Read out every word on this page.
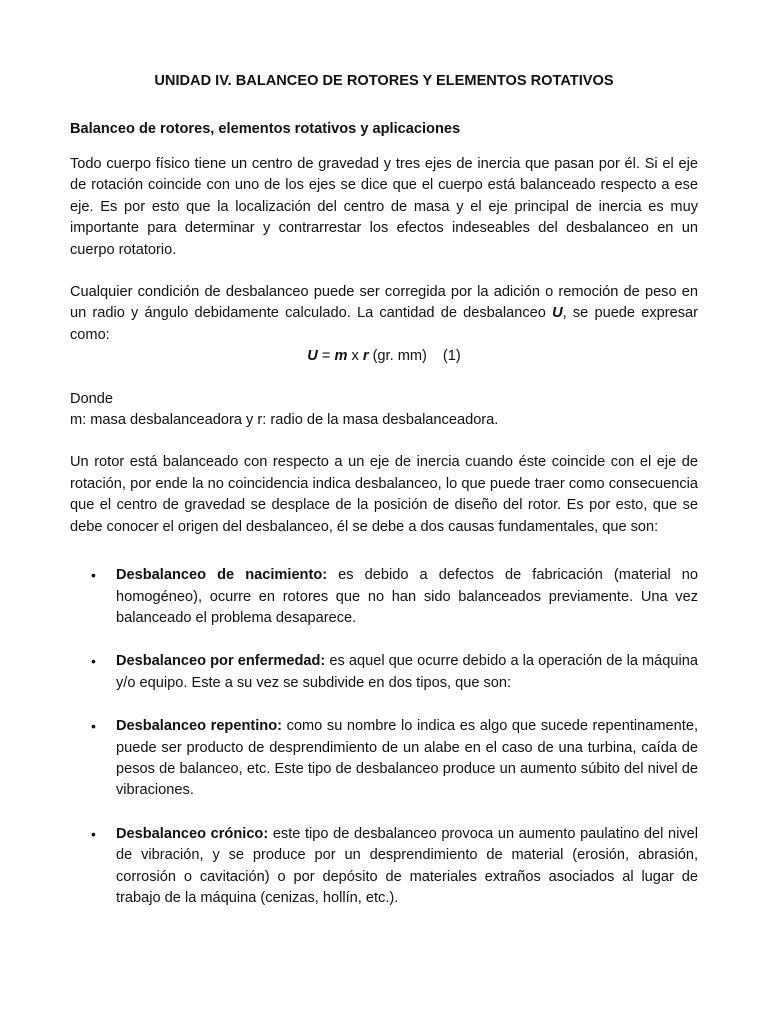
UNIDAD IV. BALANCEO DE ROTORES Y ELEMENTOS ROTATIVOS
Balanceo de rotores, elementos rotativos y aplicaciones

Todo cuerpo físico tiene un centro de gravedad y tres ejes de inercia que pasan por él. Si el eje de rotación coincide con uno de los ejes se dice que el cuerpo está balanceado respecto a ese eje. Es por esto que la localización del centro de masa y el eje principal de inercia es muy importante para determinar y contrarrestar los efectos indeseables del desbalanceo en un cuerpo rotatorio.

Cualquier condición de desbalanceo puede ser corregida por la adición o remoción de peso en un radio y ángulo debidamente calculado. La cantidad de desbalanceo U, se puede expresar como:

U = m x r (gr. mm) (1)
Donde
m: masa desbalanceadora y r: radio de la masa desbalanceadora.

Un rotor está balanceado con respecto a un eje de inercia cuando éste coincide con el eje de rotación, por ende la no coincidencia indica desbalanceo, lo que puede traer como consecuencia que el centro de gravedad se desplace de la posición de diseño del rotor. Es por esto, que se debe conocer el origen del desbalanceo, él se debe a dos causas fundamentales, que son:

• Desbalanceo de nacimiento: es debido a defectos de fabricación (material no homogéneo), ocurre en rotores que no han sido balanceados previamente. Una vez balanceado el problema desaparece.
• Desbalanceo por enfermedad: es aquel que ocurre debido a la operación de la máquina y/o equipo. Este a su vez se subdivide en dos tipos, que son:
• Desbalanceo repentino: como su nombre lo indica es algo que sucede repentinamente, puede ser producto de desprendimiento de un alabe en el caso de una turbina, caída de pesos de balanceo, etc. Este tipo de desbalanceo produce un aumento súbito del nivel de vibraciones.
• Desbalanceo crónico: este tipo de desbalanceo provoca un aumento paulatino del nivel de vibración, y se produce por un desprendimiento de material (erosión, abrasión, corrosión o cavitación) o por depósito de materiales extraños asociados al lugar de trabajo de la máquina (cenizas, hollín, etc.).
